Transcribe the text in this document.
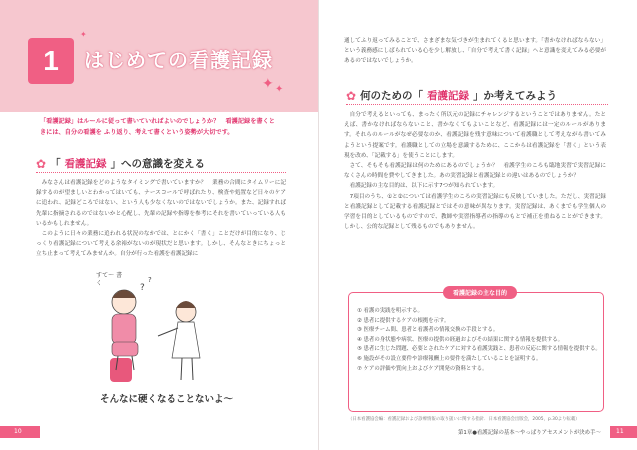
1	はじめての看護記録
✦ ✦
✦
「看護記録」はルールに従って書いていればよいのでしょうか？　看護記録を書くときには、自分の看護を ふり返り、考えて書くという姿勢が大切です。
✿ 「 看護記録 」への意識を変える

みなさんは看護記録をどのようなタイミングで書いていますか？　業務の合間にタイムリーに記録するのが望ましいとわかってはいても、ナースコールで呼ばれたり、検査や処置など日々のケアに追われ、記録どころではない、という人も少なくないのではないでしょうか。また、記録すれば先輩に指摘されるのではないかと心配し、先輩の記録や指導を参考にそれを書いていっている人もいるかもしれません。

このように日々の業務に追われる状況のなかでは、とにかく「書く」ことだけが目的になり、じっくり看護記録について考える余裕がないのが現状だと思います。しかし、そんなときにちょっと立ち止まって考えてみませんか。自分が行った看護を看護記録に

?
?
すて〜 書く
そんなに硬くなることないよ〜
10

通してふり返ってみることで、さまざまな気づきが生まれてくると思います。「書かなければならない」という義務感にしばられている心を少し解放し、「自分で考えて書く記録」へと意識を変えてみる必要があるのではないでしょうか。

✿ 何のための「 看護記録 」か考えてみよう

自分で考えるといっても、まったく所以元の記録にチャレンジするということではありません。たとえば、書かなければならないこと、書かなくてもよいことなど、看護記録には一定のルールがあります。それらのルールがなぜ必要なのか、看護記録を残す意味について看護職として考えながら書いてみようという提案です。看護職としての立場を意識するために、ここからは看護記録を「書く」という表現を改め、「記載する」を使うことにします。

さて、そもそも看護記録は何のためにあるのでしょうか？　看護学生のころも臨地実習で実習記録になくさんの時間を費やしてきました。あの実習記録と看護記録との違いはあるのでしょうか？

看護記録の主な目的は、以下に示す7つが知られています。

7項目のうち、①と②については看護学生のころの実習記録にも反映していました。ただし、実習記録と看護記録として記載する看護記録とではその意味が異なります。実習記録は、あくまでも学生個人の学習を目的としているものですので、教師や実習指導者の指導のもとで補正を重ねることができます。しかし、公的な記録として残るものでもありません。

看護記録の主な目的
① 看護の実践を明示する。
② 患者に提供するケアの根拠を示す。
③ 医療チーム間、患者と看護者の情報交換の手段とする。
④ 患者の身状態や病状、医療の提供の経過およびその結果に関する情報を提供する。
⑤ 患者に生じた問題、必要とされたケアに対する看護実践と、患者の反応に関する情報を提供する。
⑥ 施設がその設立要件や診療報酬上の要件を満たしていることを証明する。
⑦ ケアの評価や質向上およびケア開発の資料とする。
（日本看護協会編：看護記録および診療情報の取り扱いに関する指針．日本看護協会出版会，2005，p.30より転載）
第1章●看護記録の基本〜やっぱりアセスメントが決め手〜	11
